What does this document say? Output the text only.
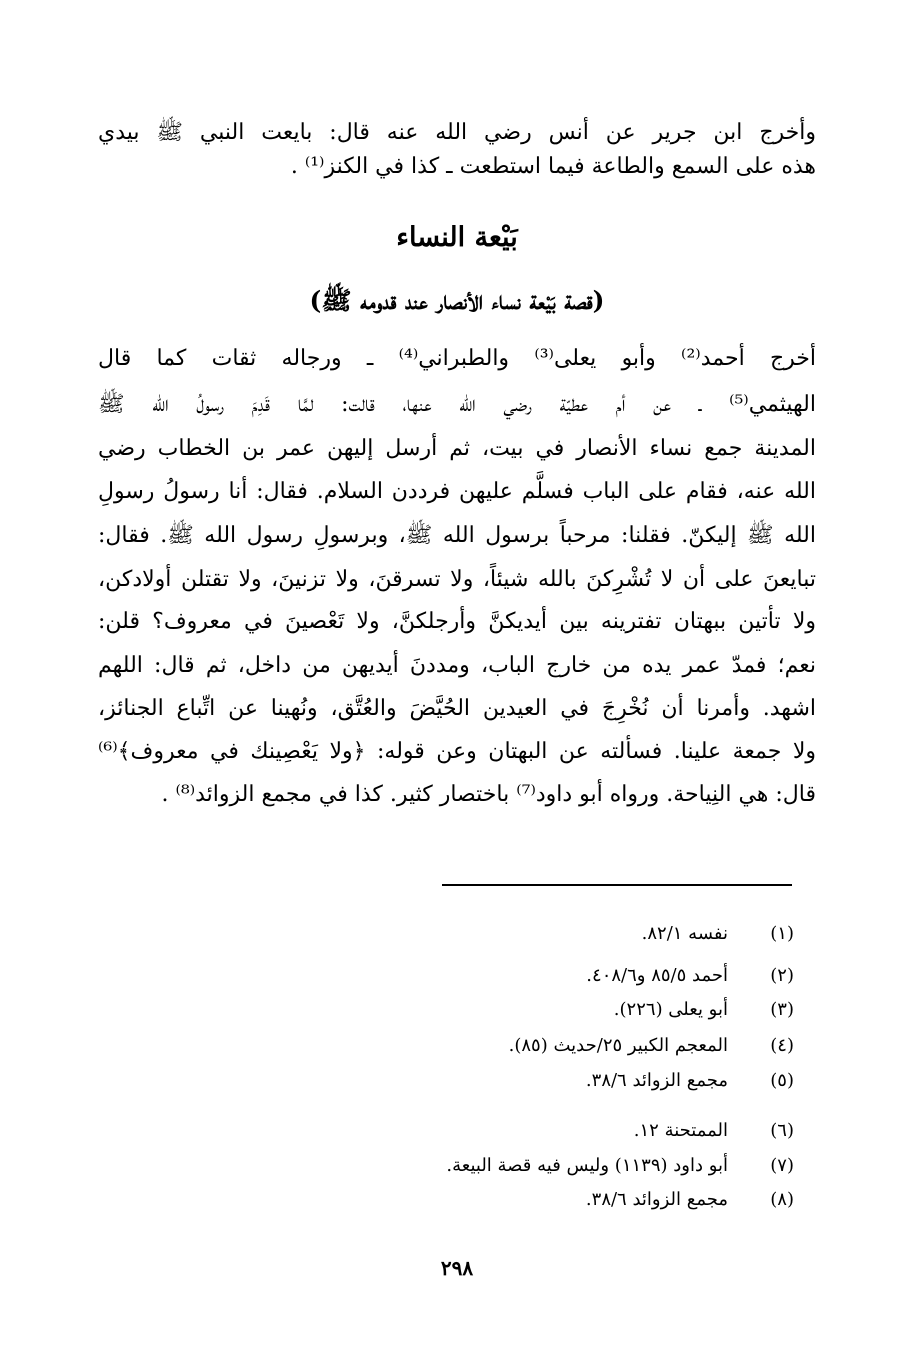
وأخرج ابن جرير عن أنس رضي الله عنه قال: بايعت النبي ﷺ بيدي
هذه على السمع والطاعة فيما استطعت ـ كذا في الكنز⁽¹⁾ .
بَيْعة النساء
(قصة بَيْعة نساء الأنصار عند قدومه ﷺ)
أخرج أحمد⁽²⁾ وأبو يعلى⁽³⁾ والطبراني⁽⁴⁾ ـ ورجاله ثقات كما قال
الهيثمي⁽⁵⁾ ـ عن أم عطيّة رضي الله عنها، قالت: لمَّا قَدِمَ رسولُ الله ﷺ
المدينة جمع نساء الأنصار في بيت، ثم أرسل إليهن عمر بن الخطاب رضي
الله عنه، فقام على الباب فسلَّم عليهن فرددن السلام. فقال: أنا رسولُ رسولِ
الله ﷺ إليكنّ. فقلنا: مرحباً برسول الله ﷺ، وبرسولِ رسول الله ﷺ. فقال:
تبايعنَ على أن لا تُشْرِكنَ بالله شيئاً، ولا تسرقنَ، ولا تزنينَ، ولا تقتلن أولادكن،
ولا تأتين ببهتان تفترينه بين أيديكنَّ وأرجلكنَّ، ولا تَعْصينَ في معروف؟ قلن:
نعم؛ فمدّ عمر يده من خارج الباب، ومددنَ أيديهن من داخل، ثم قال: اللهم
اشهد. وأمرنا أن نُخْرِجَ في العيدين الحُيَّضَ والعُتَّق، ونُهينا عن اتِّباع الجنائز،
ولا جمعة علينا. فسألته عن البهتان وعن قوله: ﴿ولا يَعْصِينك في معروف﴾⁽⁶⁾
قال: هي النِياحة. ورواه أبو داود⁽⁷⁾ باختصار كثير. كذا في مجمع الزوائد⁽⁸⁾ .
(١)نفسه ٨٢/١.
(٢)أحمد ٨٥/٥ و٤٠٨/٦.
(٣)أبو يعلى (٢٢٦).
(٤)المعجم الكبير ٢٥/حديث (٨٥).
(٥)مجمع الزوائد ٣٨/٦.
(٦)الممتحنة ١٢.
(٧)أبو داود (١١٣٩) وليس فيه قصة البيعة.
(٨)مجمع الزوائد ٣٨/٦.
٢٩٨
